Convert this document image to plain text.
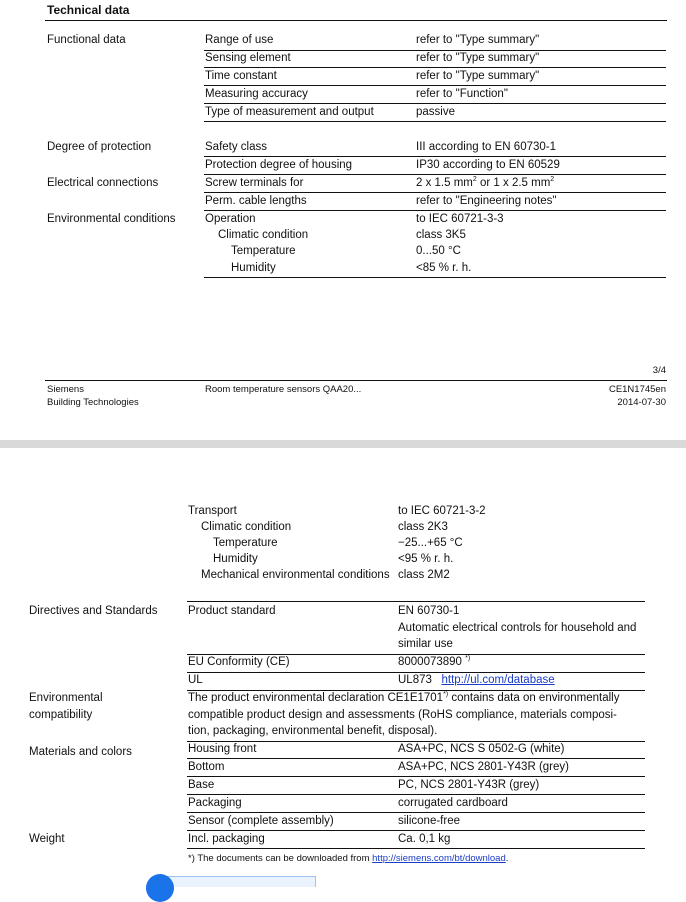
Technical data
Functional data	Range of use	refer to "Type summary"
Sensing element	refer to "Type summary"
Time constant	refer to "Type summary"
Measuring accuracy	refer to "Function"
Type of measurement and output	passive
Degree of protection	Safety class	III according to EN 60730-1
Protection degree of housing	IP30 according to EN 60529
Electrical connections	Screw terminals for	2 x 1.5 $mm^2$ or 1 x 2.5 $mm^2$
Perm. cable lengths	refer to "Engineering notes"
Environmental conditions	Operation	to IEC 60721-3-3
Climatic condition	class 3K5
Temperature	0...50 °C
Humidity	<85 % r. h.
3/4
Siemens
Building Technologies
Room temperature sensors QAA20...	CE1N1745en
2014-07-30
Transport	to IEC 60721-3-2
Climatic condition	class 2K3
Temperature	−25...+65 °C
Humidity	<95 % r. h.
Mechanical environmental conditions class 2M2
Directives and Standards	Product standard	EN 60730-1
Automatic electrical controls for household and
similar use
EU Conformity (CE)	8000073890 *)
UL	UL873 http://ul.com/database
Environmental
compatibility
The product environmental declaration CE1E1701*) contains data on environmentally
compatible product design and assessments (RoHS compliance, materials composi-
tion, packaging, environmental benefit, disposal).
Materials and colors	Housing front	ASA+PC, NCS S 0502-G (white)
Bottom	ASA+PC, NCS 2801-Y43R (grey)
Base	PC, NCS 2801-Y43R (grey)
Packaging	corrugated cardboard
Sensor (complete assembly)	silicone-free
Weight	Incl. packaging	Ca. 0,1 kg
*) The documents can be downloaded from http://siemens.com/bt/download.
